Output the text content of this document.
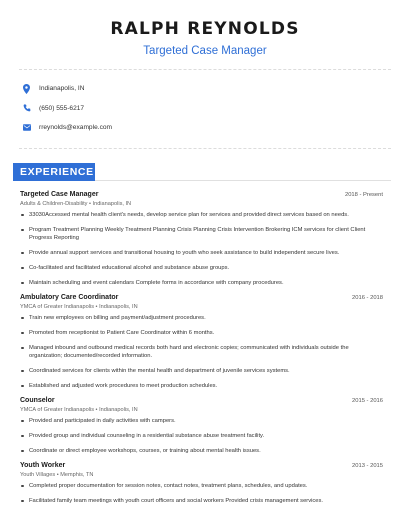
RALPH REYNOLDS
Targeted Case Manager
Indianapolis, IN
(650) 555-6217
rreynolds@example.com
EXPERIENCE
Targeted Case Manager	2018 - Present
Adults & Children-Disability • Indianapolis, IN
33030Accessed mental health client's needs, develop service plan for services and provided direct services based on needs.
Program Treatment Planning Weekly Treatment Planning Crisis Planning Crisis Intervention Brokering ICM services for client Client Progress Reporting
Provide annual support services and transitional housing to youth who seek assistance to build independent secure lives.
Co-facilitated and facilitated educational alcohol and substance abuse groups.
Maintain scheduling and event calendars Complete forms in accordance with company procedures.
Ambulatory Care Coordinator	2016 - 2018
YMCA of Greater Indianapolis • Indianapolis, IN
Train new employees on billing and payment/adjustment procedures.
Promoted from receptionist to Patient Care Coordinator within 6 months.
Managed inbound and outbound medical records both hard and electronic copies; communicated with individuals outside the organization; documented/recorded information.
Coordinated services for clients within the mental health and department of juvenile services systems.
Established and adjusted work procedures to meet production schedules.
Counselor	2015 - 2016
YMCA of Greater Indianapolis • Indianapolis, IN
Provided and participated in daily activities with campers.
Provided group and individual counseling in a residential substance abuse treatment facility.
Coordinate or direct employee workshops, courses, or training about mental health issues.
Youth Worker	2013 - 2015
Youth Villages • Memphis, TN
Completed proper documentation for session notes, contact notes, treatment plans, schedules, and updates.
Facilitated family team meetings with youth court officers and social workers Provided crisis management services.
